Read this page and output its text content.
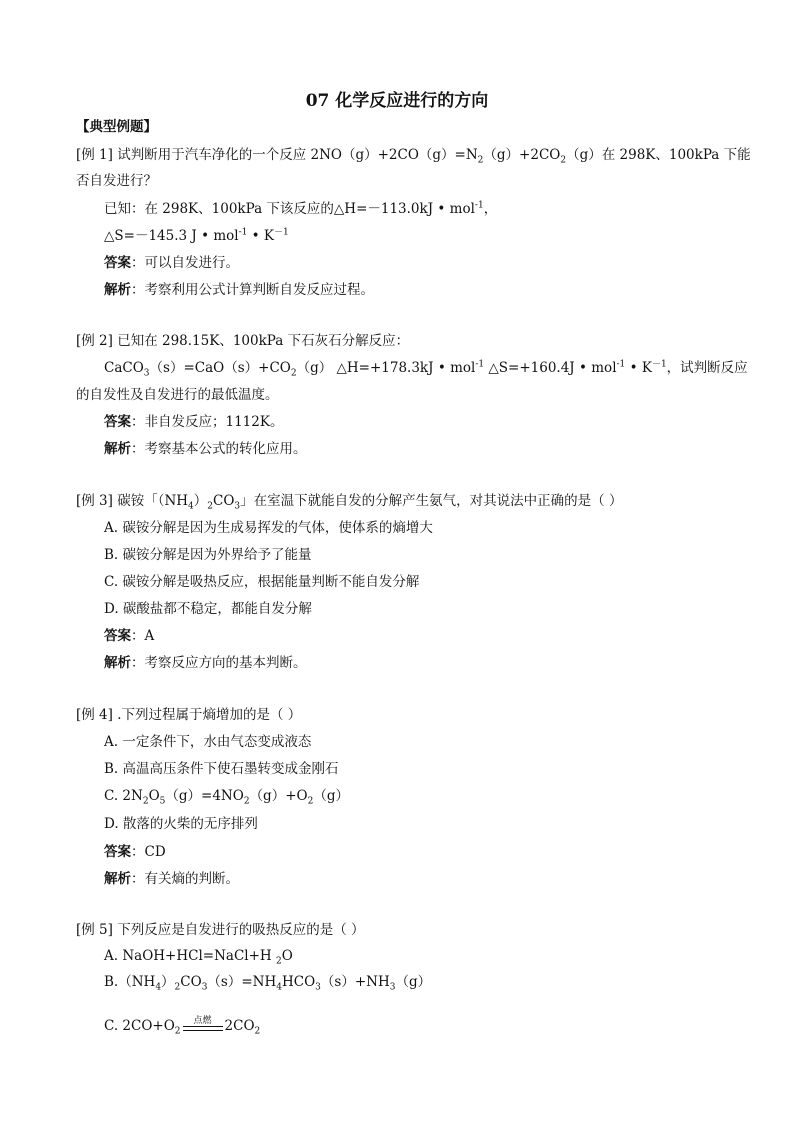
07 化学反应进行的方向
【典型例题】
[例 1] 试判断用于汽车净化的一个反应 $2NO(g)+2CO(g)=N_2(g)+2CO_2(g)$在 298K、100kPa 下能
否自发进行？
已知：在 298K、100kPa 下该反应的△H=－113.0kJ • mol$^{-1}$，
△S=－145.3 J • mol$^{-1}$ • $K^{-1}$
答案：可以自发进行。
解析：考察利用公式计算判断自发反应过程。
[例 2] 已知在 298.15K、100kPa 下石灰石分解反应：
$CaCO_3(s)=CaO(s)+CO_2(g)$ △H=+178.3kJ • mol$^{-1}$ △S=+160.4J • mol$^{-1}$ • $K^{-1}$，试判断反应
的自发性及自发进行的最低温度。
答案：非自发反应；1112K。
解析：考察基本公式的转化应用。
[例 3] 碳铵「$(NH_4)_2CO_3$」在室温下就能自发的分解产生氨气，对其说法中正确的是（ ）
A. 碳铵分解是因为生成易挥发的气体，使体系的熵增大
B. 碳铵分解是因为外界给予了能量
C. 碳铵分解是吸热反应，根据能量判断不能自发分解
D. 碳酸盐都不稳定，都能自发分解
答案：A
解析：考察反应方向的基本判断。
[例 4] .下列过程属于熵增加的是（ ）
A. 一定条件下，水由气态变成液态
B. 高温高压条件下使石墨转变成金刚石
C. $2N_2O_5(g)=4NO_2(g)+O_2(g)$
D. 散落的火柴的无序排列
答案：CD
解析：有关熵的判断。
[例 5] 下列反应是自发进行的吸热反应的是（ ）
A. NaOH+HCl=NaCl+H $_2$O
$B.(NH_4)_2CO_3(s)=NH_4HCO_3(s)+NH_3(g)$
C. $2CO+O_2$
点燃 $2CO_2$
